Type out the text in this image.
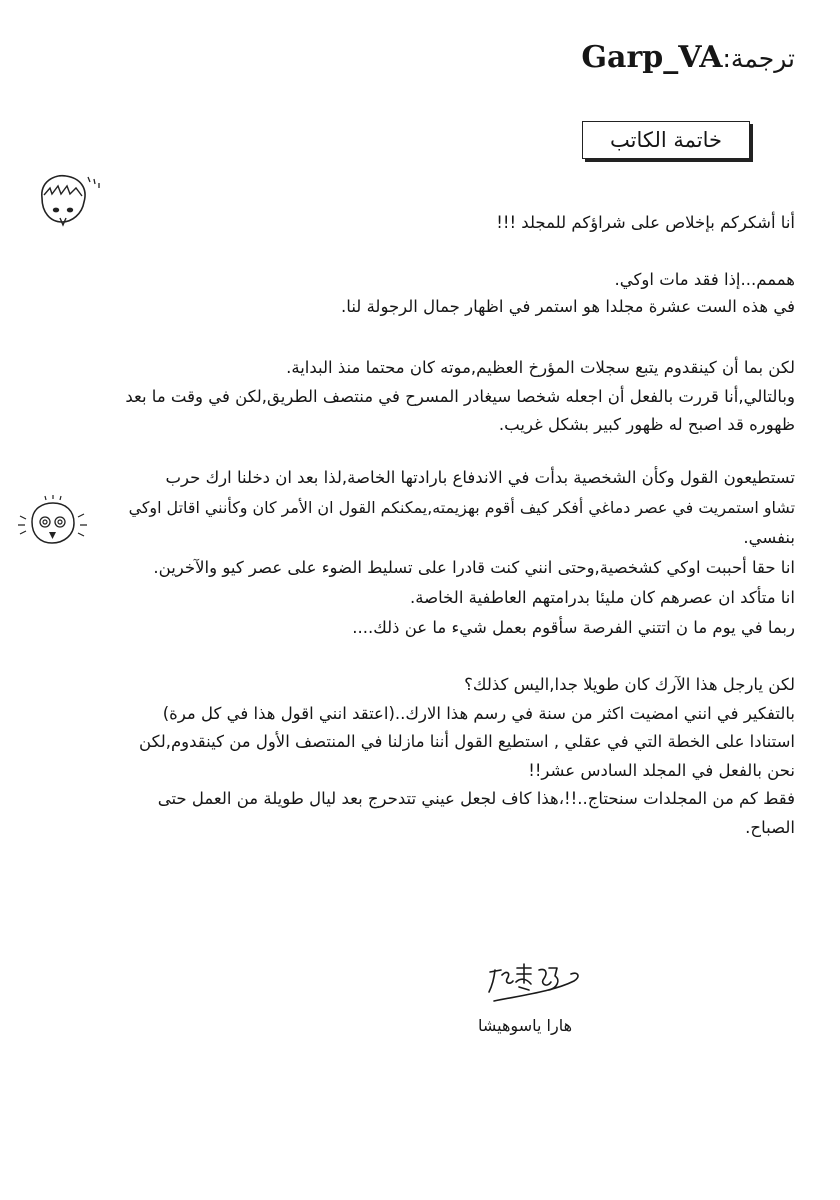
ترجمة:Garp_VA
خاتمة الكاتب
أنا أشكركم بإخلاص على شراؤكم للمجلد !!!
هممم...إذا فقد مات اوكي.
في هذه الست عشرة مجلدا هو استمر في اظهار جمال الرجولة لنا.
لكن بما أن كينقدوم يتبع سجلات المؤرخ العظيم,موته كان محتما منذ البداية.
وبالتالي,أنا قررت بالفعل أن اجعله شخصا سيغادر المسرح في منتصف الطريق,لكن في وقت ما بعد
ظهوره قد اصبح له ظهور كبير بشكل غريب.
تستطيعون القول وكأن الشخصية بدأت في الاندفاع بارادتها الخاصة,لذا بعد ان دخلنا ارك حرب
تشاو استمريت في عصر دماغي أفكر كيف أقوم بهزيمته,يمكنكم القول ان الأمر كان وكأنني اقاتل اوكي
بنفسي.
انا حقا أحببت اوكي كشخصية,وحتى انني كنت قادرا على تسليط الضوء على عصر كيو والآخرين.
انا متأكد ان عصرهم كان مليئا بدرامتهم العاطفية الخاصة.
ربما في يوم ما ن اتتني الفرصة سأقوم بعمل شيء ما عن ذلك....
لكن يارجل هذا الآرك كان طويلا جدا,اليس كذلك؟
بالتفكير في انني امضيت اكثر من سنة في رسم هذا الارك..(اعتقد انني اقول هذا في كل مرة)
استنادا على الخطة التي في عقلي , استطيع القول أننا مازلنا في المنتصف الأول من كينقدوم,لكن
نحن بالفعل في المجلد السادس عشر!!
فقط كم من المجلدات سنحتاج..!!،هذا كاف لجعل عيني تتدحرج بعد ليال طويلة من العمل حتى
الصباح.
هارا ياسوهيشا
